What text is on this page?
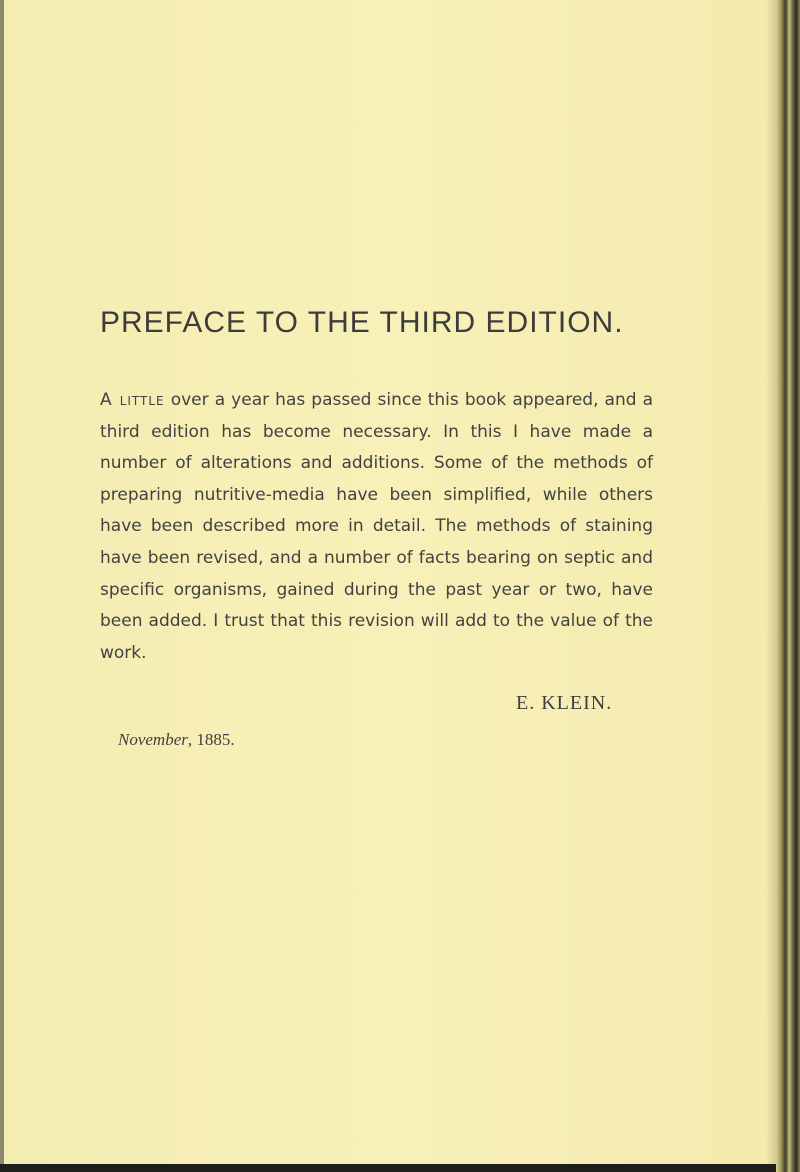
PREFACE TO THE THIRD EDITION.
A little over a year has passed since this book appeared, and a third edition has become necessary. In this I have made a number of alterations and additions. Some of the methods of preparing nutritive-media have been simplified, while others have been described more in detail. The methods of staining have been revised, and a number of facts bearing on septic and specific organisms, gained during the past year or two, have been added. I trust that this revision will add to the value of the work.
E. KLEIN.
November, 1885.
